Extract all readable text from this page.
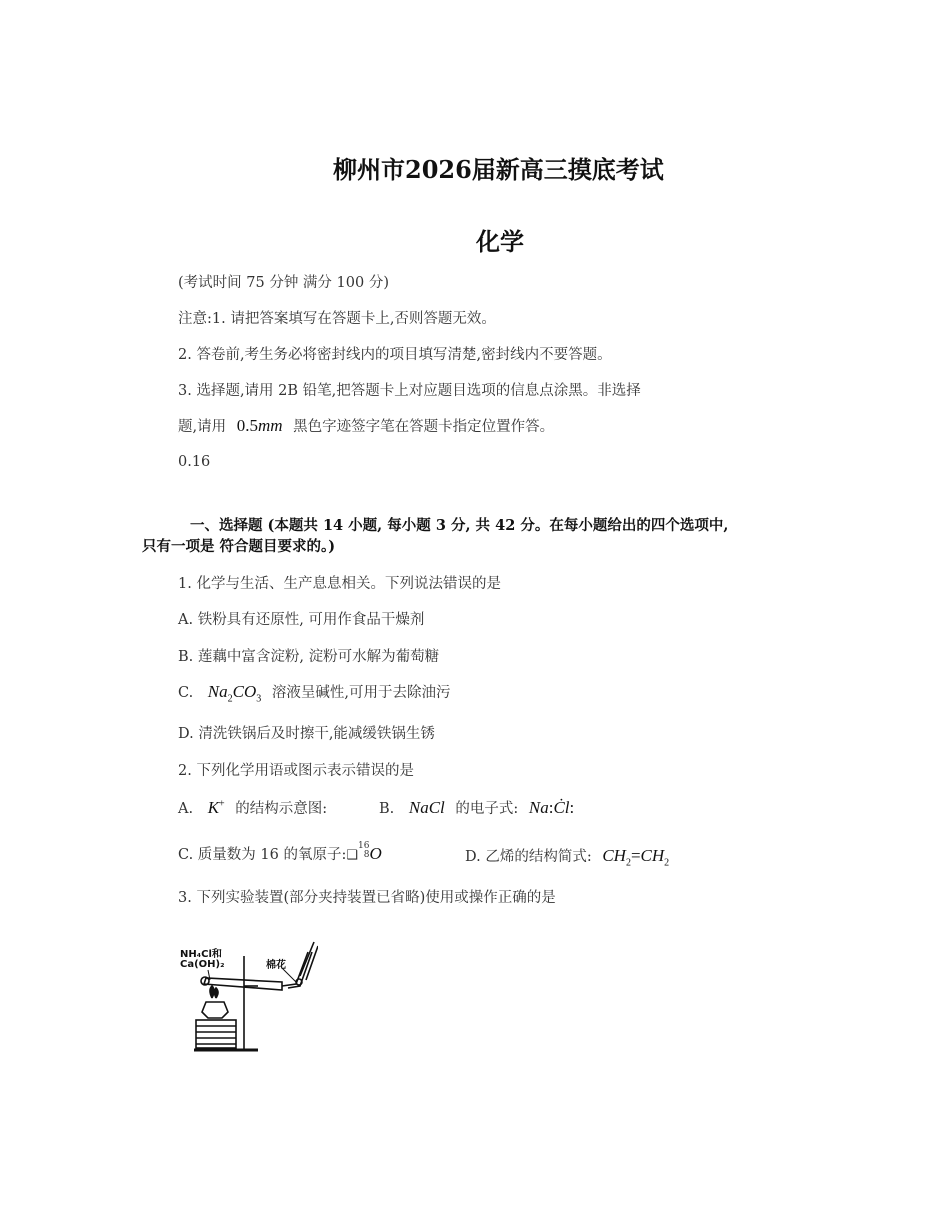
柳州市2026届新高三摸底考试
化学
(考试时间 75 分钟 满分 100 分)
注意:1. 请把答案填写在答题卡上,否则答题无效。
2. 答卷前,考生务必将密封线内的项目填写清楚,密封线内不要答题。
3. 选择题,请用 2B 铅笔,把答题卡上对应题目选项的信息点涂黑。非选择
题,请用 0.5mm 黑色字迹签字笔在答题卡指定位置作答。
0.16
一、选择题 (本题共 14 小题, 每小题 3 分, 共 42 分。在每小题给出的四个选项中,
只有一项是 符合题目要求的。)
1. 化学与生活、生产息息相关。下列说法错误的是
A. 铁粉具有还原性, 可用作食品干燥剂
B. 莲藕中富含淀粉, 淀粉可水解为葡萄糖
C. $Na_2CO_3$ 溶液呈碱性,可用于去除油污
D. 清洗铁锅后及时擦干,能减缓铁锅生锈
2. 下列化学用语或图示表示错误的是
A. K+ 的结构示意图:	B. NaCl 的电子式: Na:Ċl:
C. 质量数为 16 的氧原子:❑
16
8 O	D. 乙烯的结构简式: $CH_2=CH_2$
3. 下列实验装置(部分夹持装置已省略)使用或操作正确的是
NH₄Cl和
Ca(OH)₂	棉花
